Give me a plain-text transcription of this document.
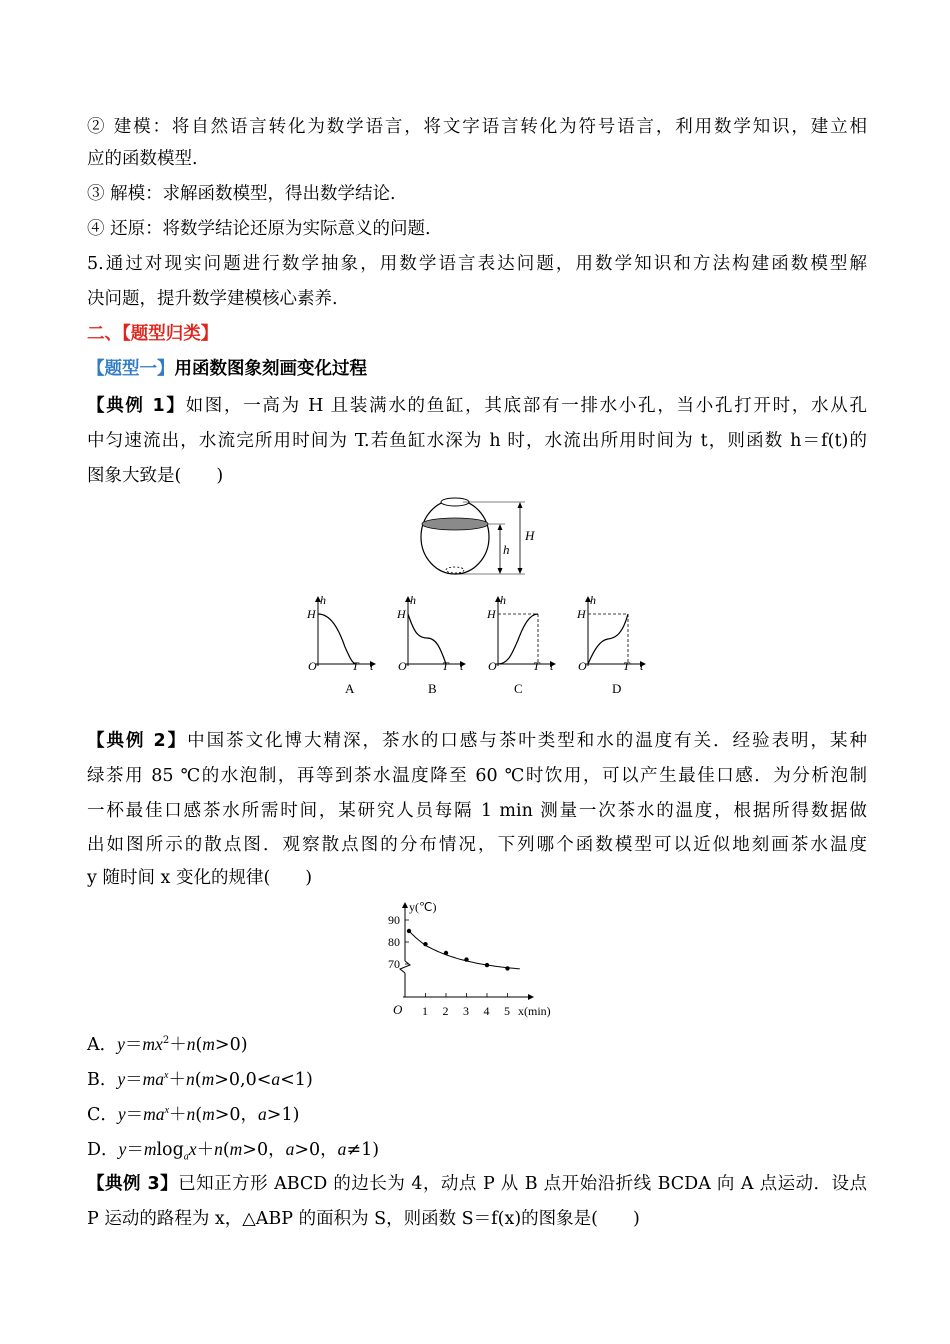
② 建模：将自然语言转化为数学语言，将文字语言转化为符号语言，利用数学知识，建立相
应的函数模型.
③ 解模：求解函数模型，得出数学结论.
④ 还原：将数学结论还原为实际意义的问题.
5.通过对现实问题进行数学抽象，用数学语言表达问题，用数学知识和方法构建函数模型解
决问题，提升数学建模核心素养.
二、【题型归类】
【题型一】用函数图象刻画变化过程
【典例 1】如图，一高为 H 且装满水的鱼缸，其底部有一排水小孔，当小孔打开时，水从孔
中匀速流出，水流完所用时间为 T.若鱼缸水深为 h 时，水流出所用时间为 t，则函数 h＝f(t)的
图象大致是(　　)
H
h
h
H
O	T t
A
h
H
O	T t
B
h
H
O	T t
C
h
H
O	T t
D
【典例 2】中国茶文化博大精深，茶水的口感与茶叶类型和水的温度有关．经验表明，某种
绿茶用 85 ℃的水泡制，再等到茶水温度降至 60 ℃时饮用，可以产生最佳口感．为分析泡制
一杯最佳口感茶水所需时间，某研究人员每隔 1 min 测量一次茶水的温度，根据所得数据做
出如图所示的散点图．观察散点图的分布情况，下列哪个函数模型可以近似地刻画茶水温度
y 随时间 x 变化的规律(　　)
y(℃)
x(min)
O 1 2 3 4 5
70
80
90
A．$y=mx^2+n(m>0)$
B．$y=ma^x+n(m>0,0<a<1)$
C．$y=ma^x+n(m>0$，a>1)
D．y＝mlog$_a$x＋n(m>0，a>0，a≠1)
【典例 3】已知正方形 ABCD 的边长为 4，动点 P 从 B 点开始沿折线 BCDA 向 A 点运动．设点
P 运动的路程为 x，△ABP 的面积为 S，则函数 S＝f(x)的图象是(　　)
